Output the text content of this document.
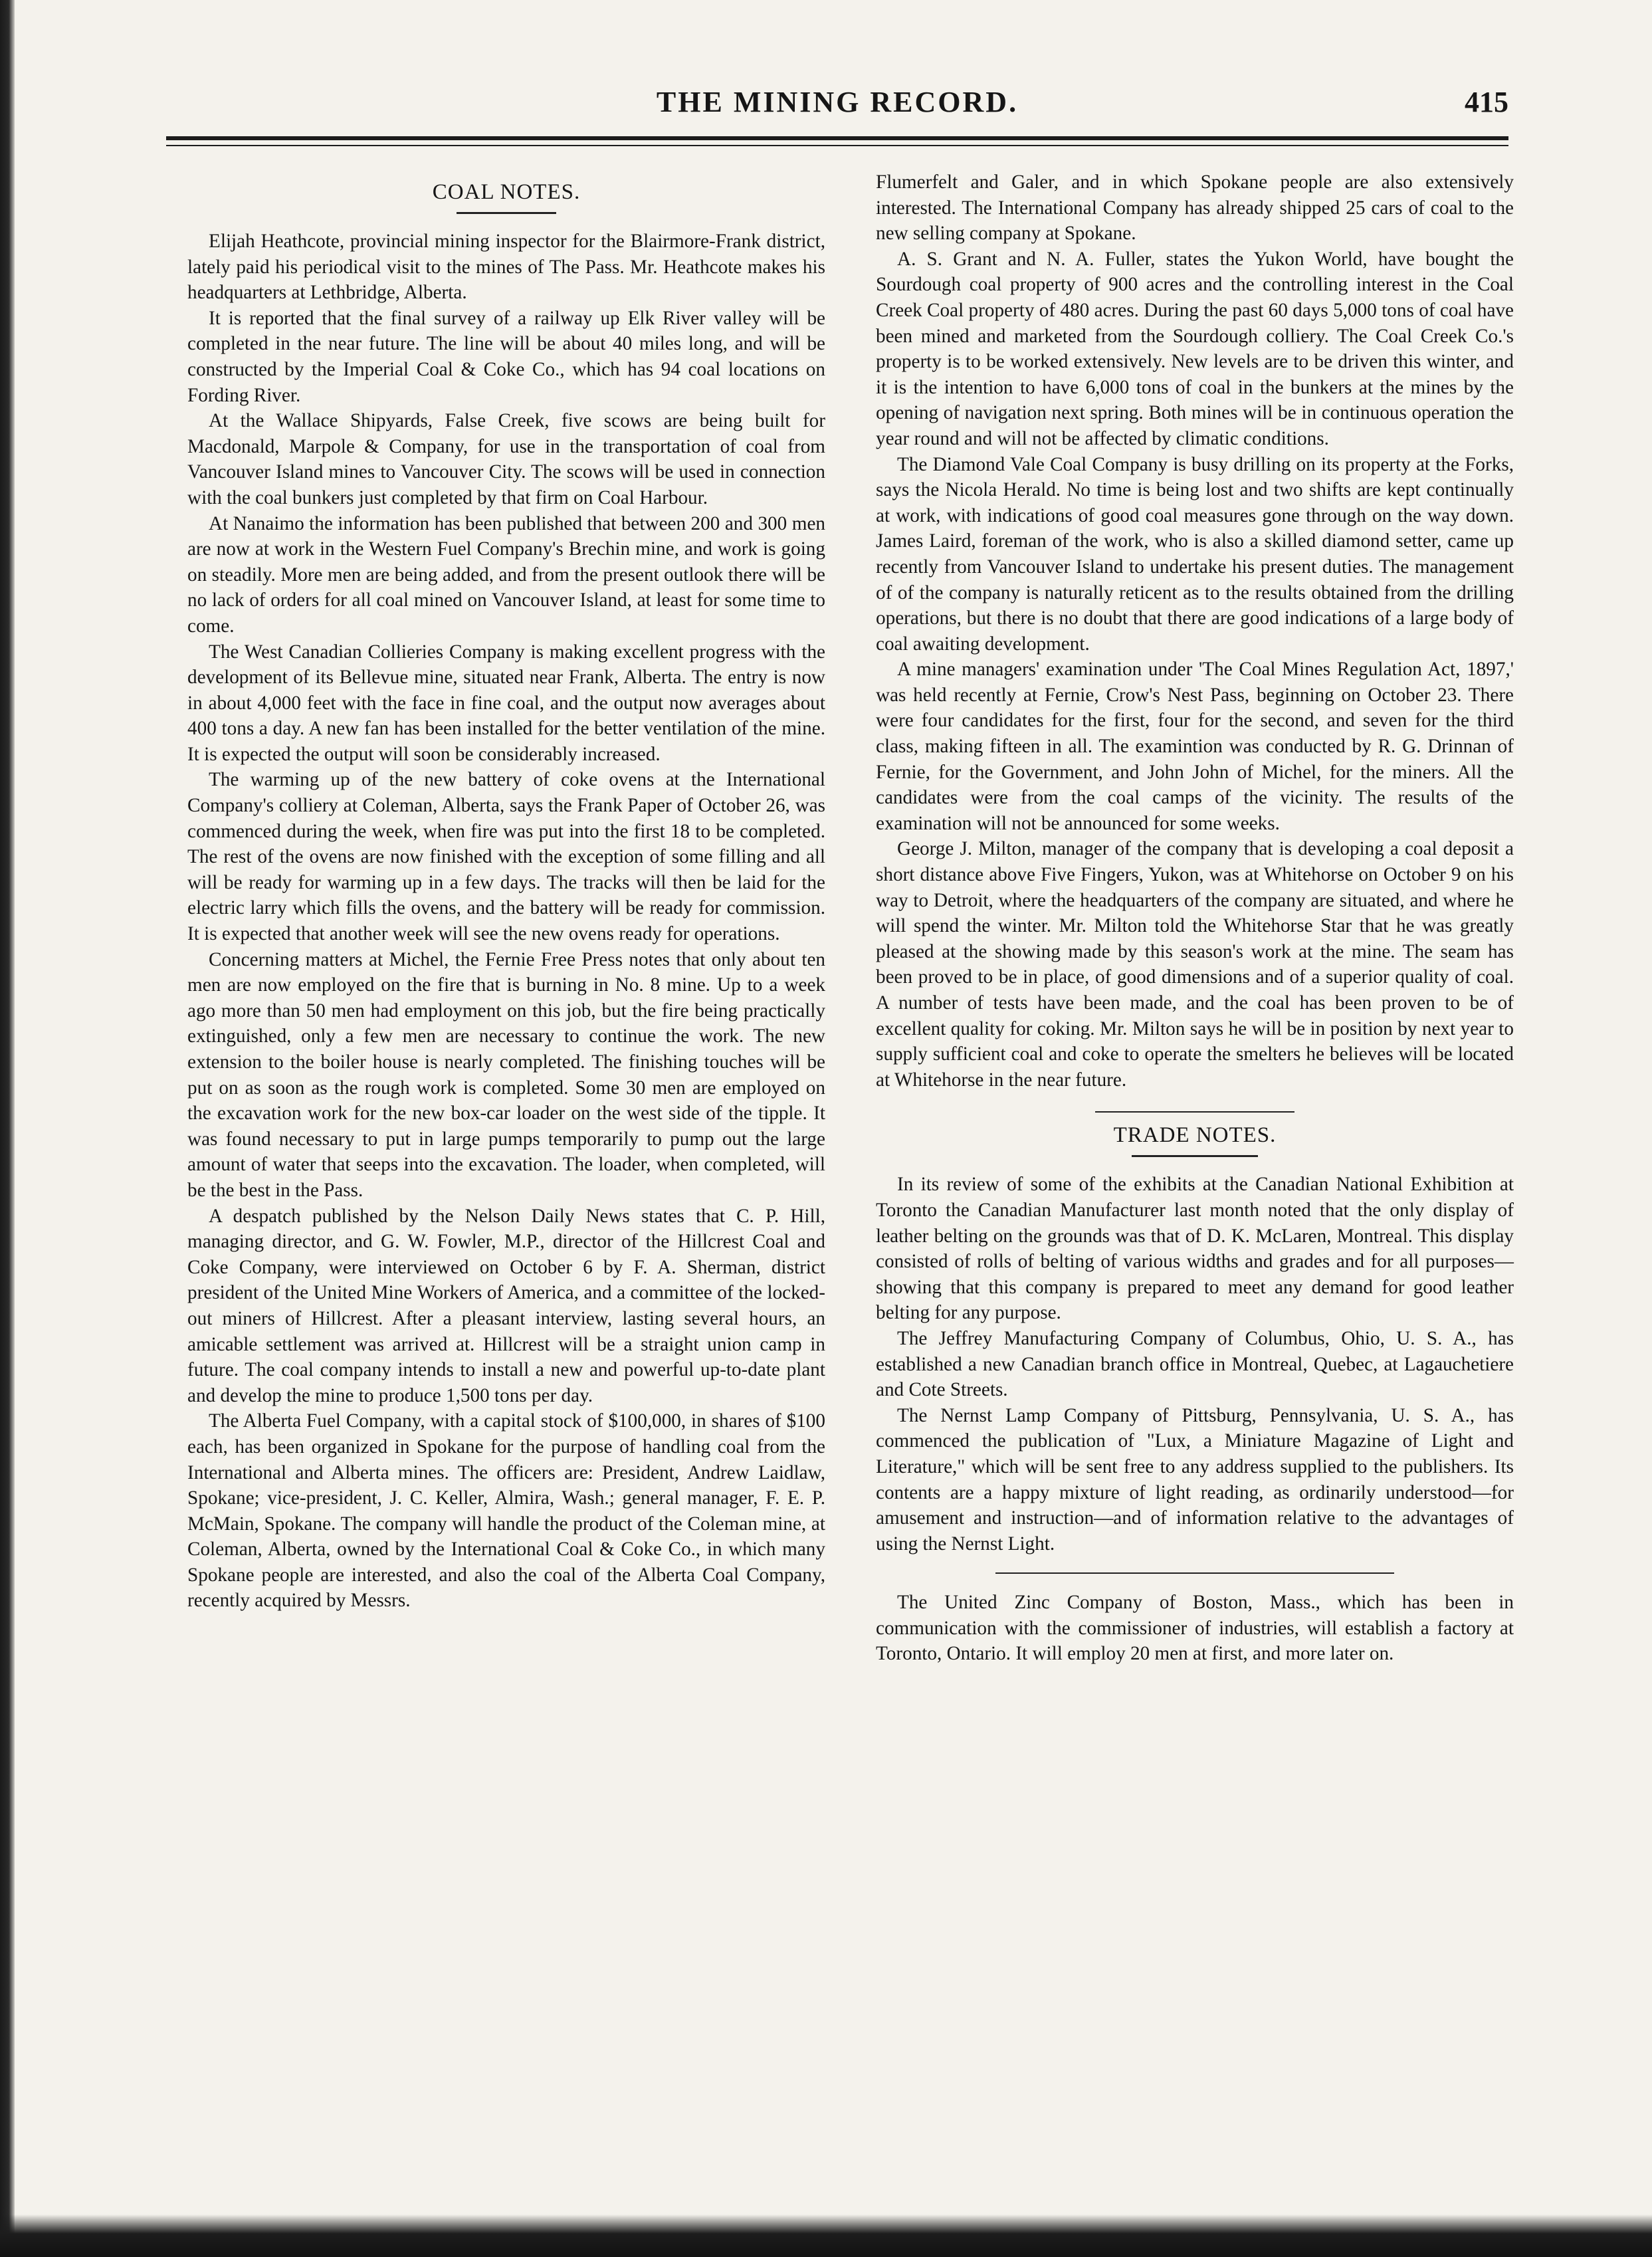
THE MINING RECORD.	415
COAL NOTES.

Elijah Heathcote, provincial mining inspector for the Blairmore-Frank district, lately paid his periodical visit to the mines of The Pass. Mr. Heathcote makes his headquarters at Lethbridge, Alberta.

It is reported that the final survey of a railway up Elk River valley will be completed in the near future. The line will be about 40 miles long, and will be constructed by the Imperial Coal & Coke Co., which has 94 coal locations on Fording River.

At the Wallace Shipyards, False Creek, five scows are being built for Macdonald, Marpole & Company, for use in the transportation of coal from Vancouver Island mines to Vancouver City. The scows will be used in connection with the coal bunkers just completed by that firm on Coal Harbour.

At Nanaimo the information has been published that between 200 and 300 men are now at work in the Western Fuel Company's Brechin mine, and work is going on steadily. More men are being added, and from the present outlook there will be no lack of orders for all coal mined on Vancouver Island, at least for some time to come.

The West Canadian Collieries Company is making excellent progress with the development of its Bellevue mine, situated near Frank, Alberta. The entry is now in about 4,000 feet with the face in fine coal, and the output now averages about 400 tons a day. A new fan has been installed for the better ventilation of the mine. It is expected the output will soon be considerably increased.

The warming up of the new battery of coke ovens at the International Company's colliery at Coleman, Alberta, says the Frank Paper of October 26, was commenced during the week, when fire was put into the first 18 to be completed. The rest of the ovens are now finished with the exception of some filling and all will be ready for warming up in a few days. The tracks will then be laid for the electric larry which fills the ovens, and the battery will be ready for commission. It is expected that another week will see the new ovens ready for operations.

Concerning matters at Michel, the Fernie Free Press notes that only about ten men are now employed on the fire that is burning in No. 8 mine. Up to a week ago more than 50 men had employment on this job, but the fire being practically extinguished, only a few men are necessary to continue the work. The new extension to the boiler house is nearly completed. The finishing touches will be put on as soon as the rough work is completed. Some 30 men are employed on the excavation work for the new box-car loader on the west side of the tipple. It was found necessary to put in large pumps temporarily to pump out the large amount of water that seeps into the excavation. The loader, when completed, will be the best in the Pass.

A despatch published by the Nelson Daily News states that C. P. Hill, managing director, and G. W. Fowler, M.P., director of the Hillcrest Coal and Coke Company, were interviewed on October 6 by F. A. Sherman, district president of the United Mine Workers of America, and a committee of the locked-out miners of Hillcrest. After a pleasant interview, lasting several hours, an amicable settlement was arrived at. Hillcrest will be a straight union camp in future. The coal company intends to install a new and powerful up-to-date plant and develop the mine to produce 1,500 tons per day.

The Alberta Fuel Company, with a capital stock of $100,000, in shares of $100 each, has been organized in Spokane for the purpose of handling coal from the International and Alberta mines. The officers are: President, Andrew Laidlaw, Spokane; vice-president, J. C. Keller, Almira, Wash.; general manager, F. E. P. McMain, Spokane. The company will handle the product of the Coleman mine, at Coleman, Alberta, owned by the International Coal & Coke Co., in which many Spokane people are interested, and also the coal of the Alberta Coal Company, recently acquired by Messrs.

Flumerfelt and Galer, and in which Spokane people are also extensively interested. The International Company has already shipped 25 cars of coal to the new selling company at Spokane.

A. S. Grant and N. A. Fuller, states the Yukon World, have bought the Sourdough coal property of 900 acres and the controlling interest in the Coal Creek Coal property of 480 acres. During the past 60 days 5,000 tons of coal have been mined and marketed from the Sourdough colliery. The Coal Creek Co.'s property is to be worked extensively. New levels are to be driven this winter, and it is the intention to have 6,000 tons of coal in the bunkers at the mines by the opening of navigation next spring. Both mines will be in continuous operation the year round and will not be affected by climatic conditions.

The Diamond Vale Coal Company is busy drilling on its property at the Forks, says the Nicola Herald. No time is being lost and two shifts are kept continually at work, with indications of good coal measures gone through on the way down. James Laird, foreman of the work, who is also a skilled diamond setter, came up recently from Vancouver Island to undertake his present duties. The management of of the company is naturally reticent as to the results obtained from the drilling operations, but there is no doubt that there are good indications of a large body of coal awaiting development.

A mine managers' examination under 'The Coal Mines Regulation Act, 1897,' was held recently at Fernie, Crow's Nest Pass, beginning on October 23. There were four candidates for the first, four for the second, and seven for the third class, making fifteen in all. The examintion was conducted by R. G. Drinnan of Fernie, for the Government, and John John of Michel, for the miners. All the candidates were from the coal camps of the vicinity. The results of the examination will not be announced for some weeks.

George J. Milton, manager of the company that is developing a coal deposit a short distance above Five Fingers, Yukon, was at Whitehorse on October 9 on his way to Detroit, where the headquarters of the company are situated, and where he will spend the winter. Mr. Milton told the Whitehorse Star that he was greatly pleased at the showing made by this season's work at the mine. The seam has been proved to be in place, of good dimensions and of a superior quality of coal. A number of tests have been made, and the coal has been proven to be of excellent quality for coking. Mr. Milton says he will be in position by next year to supply sufficient coal and coke to operate the smelters he believes will be located at Whitehorse in the near future.

TRADE NOTES.

In its review of some of the exhibits at the Canadian National Exhibition at Toronto the Canadian Manufacturer last month noted that the only display of leather belting on the grounds was that of D. K. McLaren, Montreal. This display consisted of rolls of belting of various widths and grades and for all purposes—showing that this company is prepared to meet any demand for good leather belting for any purpose.

The Jeffrey Manufacturing Company of Columbus, Ohio, U. S. A., has established a new Canadian branch office in Montreal, Quebec, at Lagauchetiere and Cote Streets.

The Nernst Lamp Company of Pittsburg, Pennsylvania, U. S. A., has commenced the publication of "Lux, a Miniature Magazine of Light and Literature," which will be sent free to any address supplied to the publishers. Its contents are a happy mixture of light reading, as ordinarily understood—for amusement and instruction—and of information relative to the advantages of using the Nernst Light.

The United Zinc Company of Boston, Mass., which has been in communication with the commissioner of industries, will establish a factory at Toronto, Ontario. It will employ 20 men at first, and more later on.
